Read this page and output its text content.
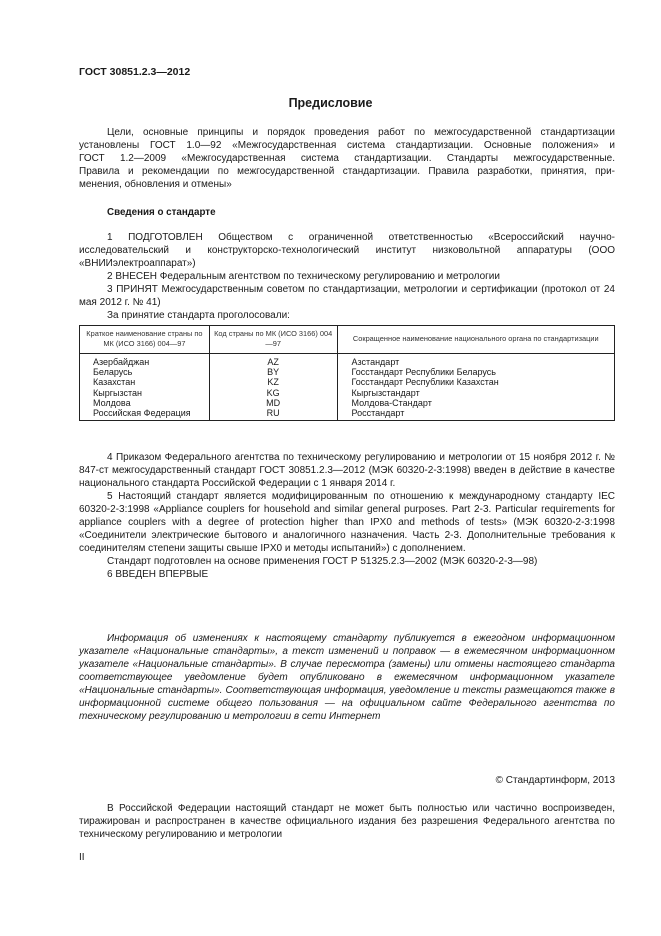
ГОСТ 30851.2.3—2012
Предисловие

Цели, основные принципы и порядок проведения работ по межгосударственной стандартизации

установлены ГОСТ 1.0—92 «Межгосударственная система стандартизации. Основные положения» и

ГОСТ 1.2—2009 «Межгосударственная система стандартизации. Стандарты межгосударственные.

Правила и рекомендации по межгосударственной стандартизации. Правила разработки, принятия, при-

менения, обновления и отмены»

Сведения о стандарте

1 ПОДГОТОВЛЕН Обществом с ограниченной ответственностью «Всероссийский научно-исследовательский и конструкторско-технологический институт низковольтной аппаратуры (ООО «ВНИИэлектроаппарат»)

2 ВНЕСЕН Федеральным агентством по техническому регулированию и метрологии

3 ПРИНЯТ Межгосударственным советом по стандартизации, метрологии и сертификации (протокол от 24 мая 2012 г. № 41)

За принятие стандарта проголосовали:

Краткое наименование страны по МК (ИСО 3166) 004—97	Код страны по МК (ИСО 3166) 004—97	Сокращенное наименование национального органа по стандартизации
Азербайджан	AZ	Азстандарт
Беларусь	BY	Госстандарт Республики Беларусь
Казахстан	KZ	Госстандарт Республики Казахстан
Кыргызстан	KG	Кыргызстандарт
Молдова	MD	Молдова-Стандарт
Российская Федерация	RU	Росстандарт

4 Приказом Федерального агентства по техническому регулированию и метрологии от 15 ноября 2012 г. № 847-ст межгосударственный стандарт ГОСТ 30851.2.3—2012 (МЭК 60320-2-3:1998) введен в действие в качестве национального стандарта Российской Федерации с 1 января 2014 г.

5 Настоящий стандарт является модифицированным по отношению к международному стандарту IEC 60320-2-3:1998 «Appliance couplers for household and similar general purposes. Part 2-3. Particular requirements for appliance couplers with a degree of protection higher than IPX0 and methods of tests» (МЭК 60320-2-3:1998 «Соединители электрические бытового и аналогичного назначения. Часть 2-3. Дополнительные требования к соединителям степени защиты свыше IPX0 и методы испытаний») с дополнением.

Стандарт подготовлен на основе применения ГОСТ Р 51325.2.3—2002 (МЭК 60320-2-3—98)

6 ВВЕДЕН ВПЕРВЫЕ

Информация об изменениях к настоящему стандарту публикуется в ежегодном информационном указателе «Национальные стандарты», а текст изменений и поправок — в ежемесячном информационном указателе «Национальные стандарты». В случае пересмотра (замены) или отмены настоящего стандарта соответствующее уведомление будет опубликовано в ежемесячном информационном указателе «Национальные стандарты». Соответствующая информация, уведомление и тексты размещаются также в информационной системе общего пользования — на официальном сайте Федерального агентства по техническому регулированию и метрологии в сети Интернет

© Стандартинформ, 2013

В Российской Федерации настоящий стандарт не может быть полностью или частично воспроизведен, тиражирован и распространен в качестве официального издания без разрешения Федерального агентства по техническому регулированию и метрологии

II
